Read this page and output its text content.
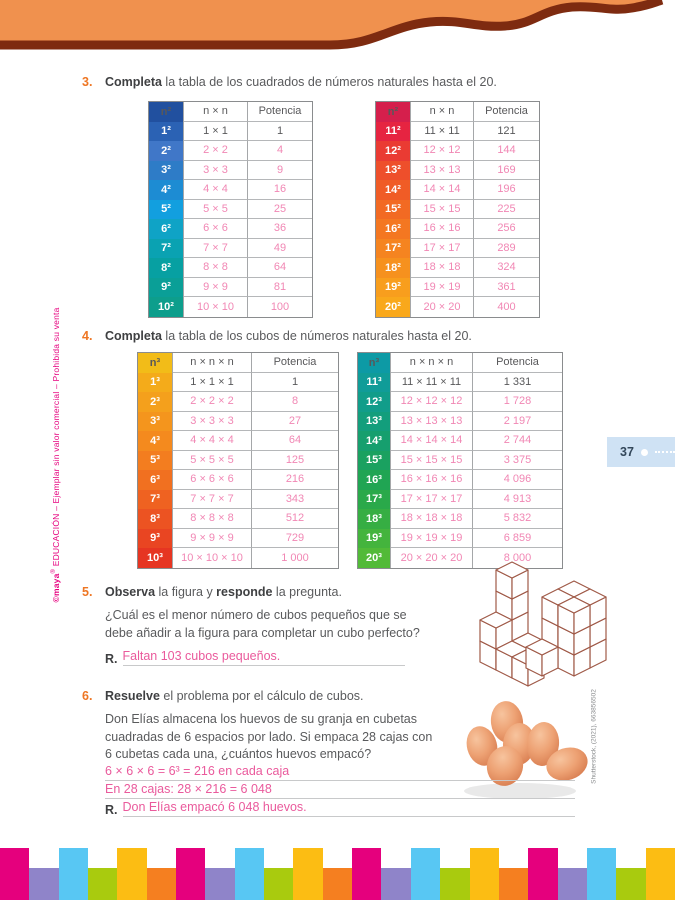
©maya® EDUCACIÓN – Ejemplar sin valor comercial – Prohibida su venta
Shutterstock, (2021), 663856502
3. Completa la tabla de los cuadrados de números naturales hasta el 20.
n²	n × n	Potencia
1²	1 × 1	1
2²	2 × 2	4
3²	3 × 3	9
4²	4 × 4	16
5²	5 × 5	25
6²	6 × 6	36
7²	7 × 7	49
8²	8 × 8	64
9²	9 × 9	81
10²	10 × 10	100
n²	n × n	Potencia
11²	11 × 11	121
12²	12 × 12	144
13²	13 × 13	169
14²	14 × 14	196
15²	15 × 15	225
16²	16 × 16	256
17²	17 × 17	289
18²	18 × 18	324
19²	19 × 19	361
20²	20 × 20	400
4. Completa la tabla de los cubos de números naturales hasta el 20.
n³	n × n × n	Potencia
1³	1 × 1 × 1	1
2³	2 × 2 × 2	8
3³	3 × 3 × 3	27
4³	4 × 4 × 4	64
5³	5 × 5 × 5	125
6³	6 × 6 × 6	216
7³	7 × 7 × 7	343
8³	8 × 8 × 8	512
9³	9 × 9 × 9	729
10³	10 × 10 × 10	1 000
n³	n × n × n	Potencia
11³	11 × 11 × 11	1 331
12³	12 × 12 × 12	1 728
13³	13 × 13 × 13	2 197
14³	14 × 14 × 14	2 744
15³	15 × 15 × 15	3 375
16³	16 × 16 × 16	4 096
17³	17 × 17 × 17	4 913
18³	18 × 18 × 18	5 832
19³	19 × 19 × 19	6 859
20³	20 × 20 × 20	8 000
5. Observa la figura y responde la pregunta.
¿Cuál es el menor número de cubos pequeños que se
debe añadir a la figura para completar un cubo perfecto?
R. Faltan 103 cubos pequeños.
6. Resuelve el problema por el cálculo de cubos.
Don Elías almacena los huevos de su granja en cubetas
cuadradas de 6 espacios por lado. Si empaca 28 cajas con
6 cubetas cada una, ¿cuántos huevos empacó?
6 × 6 × 6 = 6³ = 216 en cada caja
En 28 cajas: 28 × 216 = 6 048
R. Don Elías empacó 6 048 huevos.
37
